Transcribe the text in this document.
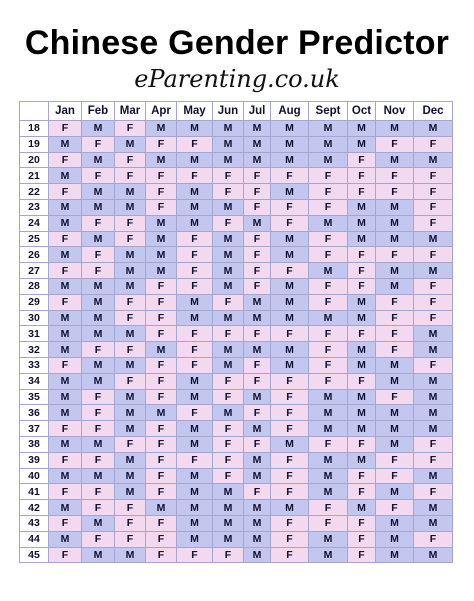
Chinese Gender Predictor
eParenting.co.uk
	Jan	Feb	Mar	Apr	May	Jun	Jul	Aug	Sept	Oct	Nov	Dec
18	F	M	F	M	M	M	M	M	M	M	M	M
19	M	F	M	F	F	M	M	M	M	M	F	F
20	F	M	F	M	M	M	M	M	M	F	M	M
21	M	F	F	F	F	F	F	F	F	F	F	F
22	F	M	M	F	M	F	F	M	F	F	F	F
23	M	M	M	F	M	M	F	F	F	M	M	F
24	M	F	F	M	M	F	M	F	M	M	M	F
25	F	M	F	M	F	M	F	M	F	M	M	M
26	M	F	M	M	F	M	F	M	F	F	F	F
27	F	F	M	M	F	M	F	F	M	F	M	M
28	M	M	M	F	F	M	F	M	F	F	M	F
29	F	M	F	F	M	F	M	M	F	M	F	F
30	M	M	F	F	M	M	M	M	M	M	F	F
31	M	M	M	F	F	F	F	F	F	F	F	M
32	M	F	F	M	F	M	M	M	F	M	F	M
33	F	M	M	F	F	M	F	M	F	M	M	F
34	M	M	F	F	M	F	F	F	F	F	M	M
35	M	F	M	F	M	F	M	F	M	M	F	M
36	M	F	M	M	F	M	F	F	M	M	M	M
37	F	F	M	F	M	F	M	F	M	M	M	M
38	M	M	F	F	M	F	F	M	F	F	M	F
39	F	F	M	F	F	F	M	F	M	M	F	F
40	M	M	M	F	M	F	M	F	M	F	F	M
41	F	F	M	F	M	M	F	F	M	F	M	F
42	M	F	F	M	M	M	M	M	F	M	F	M
43	F	M	F	F	M	M	M	F	F	F	M	M
44	M	F	F	F	M	M	M	F	M	F	M	F
45	F	M	M	F	F	F	M	F	M	F	M	M
